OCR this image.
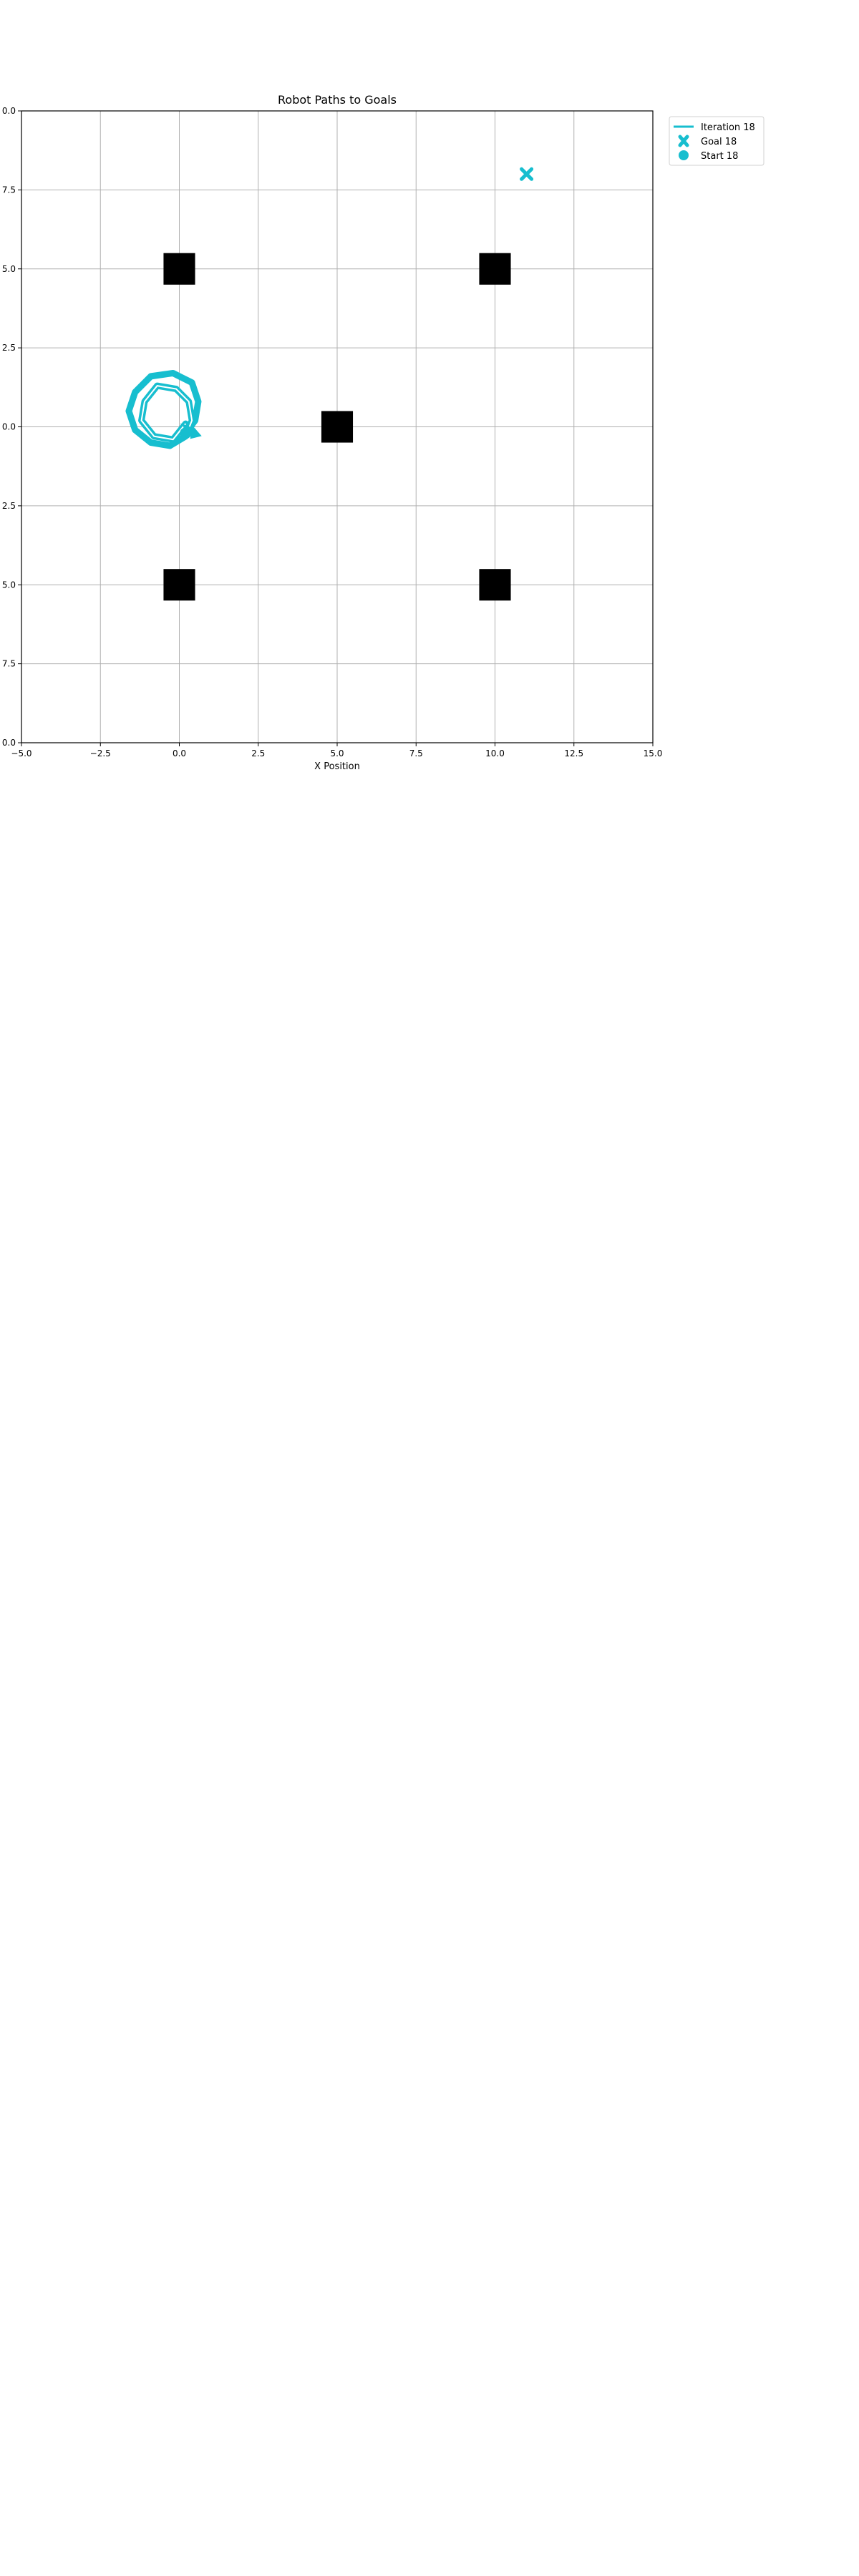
Robot Paths to Goals
−5.0	−2.5	0.0	2.5	5.0	7.5	10.0	12.5	15.0
0.0
7.5
5.0
2.5
0.0
2.5
5.0
7.5
0.0
X Position
Iteration 18
Goal 18
Start 18
